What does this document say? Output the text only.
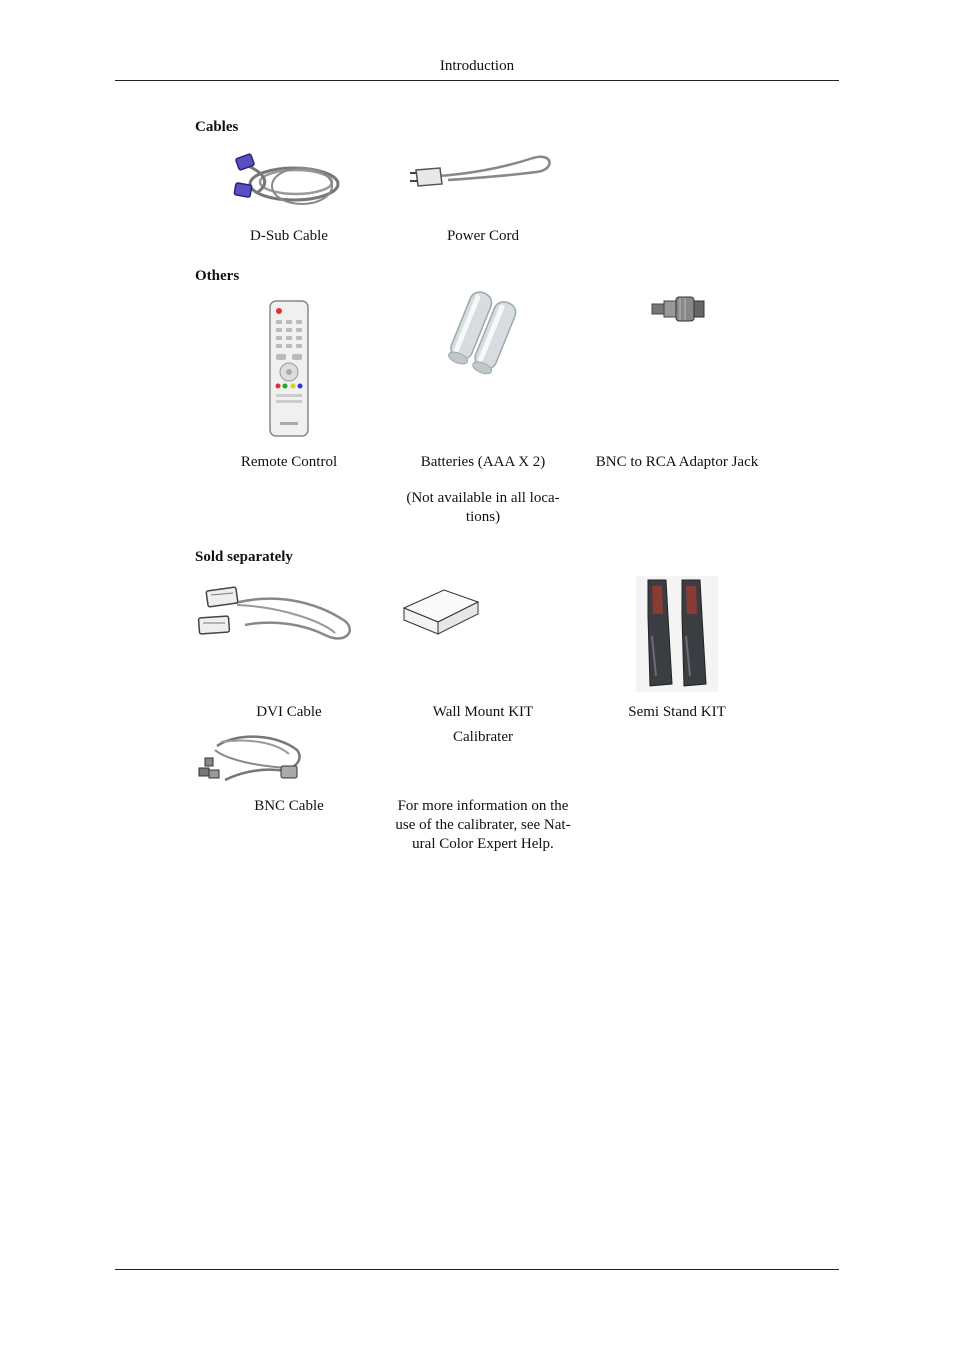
Introduction
Cables
D-Sub Cable	Power Cord
Others
Remote Control	Batteries (AAA X 2)	BNC to RCA Adaptor Jack
(Not available in all loca-
tions)
Sold separately
DVI Cable	Wall Mount KIT	Semi Stand KIT
Calibrater
BNC Cable	For more information on the
use of the calibrater, see Nat-
ural Color Expert Help.
